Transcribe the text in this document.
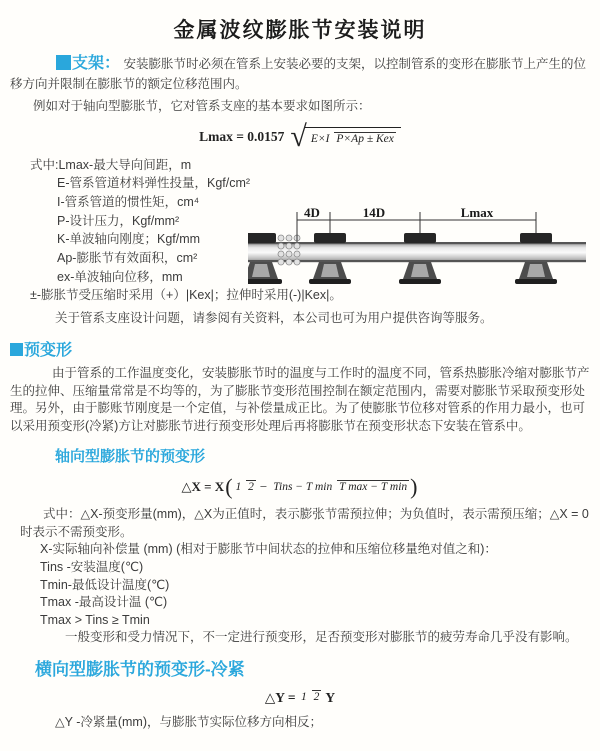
金属波纹膨胀节安装说明

支架： 安装膨胀节时必须在管系上安装必要的支架，以控制管系的变形在膨胀节上产生的位移方向并限制在膨胀节的额定位移范围内。

例如对于轴向型膨胀节，它对管系支座的基本要求如图所示：

Lmax = 0.0157 √ E×I P×Ap ± Kex
式中:Lmax-最大导向间距，m
E-管系管道材料弹性投量，Kgf/cm²
I-管系管道的惯性矩，cm⁴
P-设计压力，Kgf/mm²
K-单波轴向刚度；Kgf/mm
Ap-膨胀节有效面积，cm²
ex-单波轴向位移，mm
±-膨胀节受压缩时采用（+）|Kex|；拉伸时采用(-)|Kex|。

关于管系支座设计问题，请参阅有关资料，本公司也可为用户提供咨询等服务。

4D	14D	Lmax
预变形

由于管系的工作温度变化，安装膨胀节时的温度与工作时的温度不同，管系热膨胀冷缩对膨胀节产生的拉伸、压缩量常常是不均等的，为了膨胀节变形范围控制在额定范围内，需要对膨胀节采取预变形处理。另外，由于膨账节刚度是一个定值，与补偿量成正比。为了使膨胀节位移对管系的作用力最小，也可以采用预变形(冷紧)方让对膨胀节进行预变形处理后再将膨胀节在预变形状态下安装在管系中。

轴向型膨胀节的预变形
△X = X ( 1 2 − Tins − T min T max − T min )
式中：△X-预变形量(mm)，△X为正值时，表示膨张节需预拉伸；为负值时，表示需预压缩；△X = 0时表示不需预变形。
X-实际轴向补偿量 (mm) (相对于膨胀节中间状态的拉伸和压缩位移量绝对值之和)：
Tins -安装温度(℃)
Tmin-最低设计温度(℃)
Tmax -最高设计温 (℃)
Tmax > Tins ≥ Tmin
一般变形和受力情况下，不一定进行预变形，足否预变形对膨胀节的疲劳寿命几乎没有影响。
横向型膨胀节的预变形-冷紧
△Y =
1 2 Y
△Y -冷紧量(mm)，与膨胀节实际位移方向相反；
